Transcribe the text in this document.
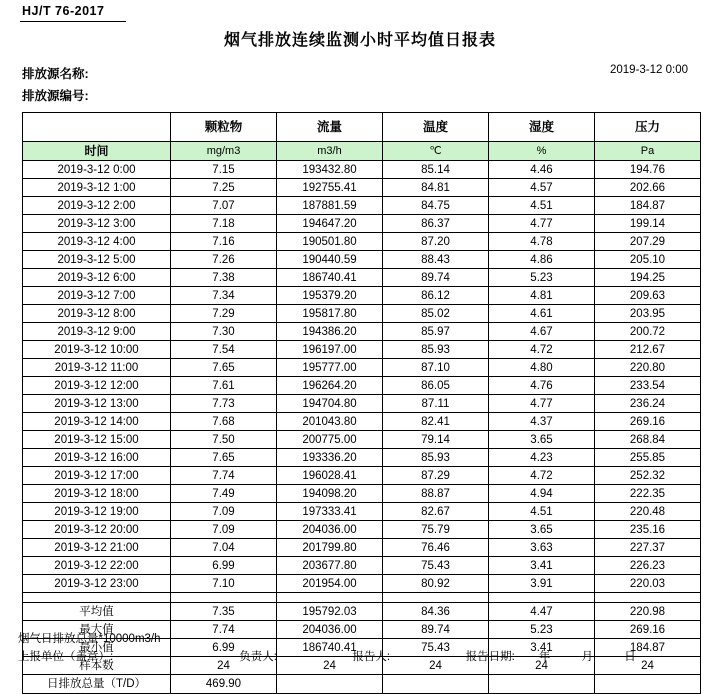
HJ/T 76-2017
烟气排放连续监测小时平均值日报表
排放源名称:
排放源编号:
2019-3-12 0:00
	颗粒物	流量	温度	湿度	压力
时间	mg/m3	m3/h	℃	%	Pa
2019-3-12 0:00	7.15	193432.80	85.14	4.46	194.76
2019-3-12 1:00	7.25	192755.41	84.81	4.57	202.66
2019-3-12 2:00	7.07	187881.59	84.75	4.51	184.87
2019-3-12 3:00	7.18	194647.20	86.37	4.77	199.14
2019-3-12 4:00	7.16	190501.80	87.20	4.78	207.29
2019-3-12 5:00	7.26	190440.59	88.43	4.86	205.10
2019-3-12 6:00	7.38	186740.41	89.74	5.23	194.25
2019-3-12 7:00	7.34	195379.20	86.12	4.81	209.63
2019-3-12 8:00	7.29	195817.80	85.02	4.61	203.95
2019-3-12 9:00	7.30	194386.20	85.97	4.67	200.72
2019-3-12 10:00	7.54	196197.00	85.93	4.72	212.67
2019-3-12 11:00	7.65	195777.00	87.10	4.80	220.80
2019-3-12 12:00	7.61	196264.20	86.05	4.76	233.54
2019-3-12 13:00	7.73	194704.80	87.11	4.77	236.24
2019-3-12 14:00	7.68	201043.80	82.41	4.37	269.16
2019-3-12 15:00	7.50	200775.00	79.14	3.65	268.84
2019-3-12 16:00	7.65	193336.20	85.93	4.23	255.85
2019-3-12 17:00	7.74	196028.41	87.29	4.72	252.32
2019-3-12 18:00	7.49	194098.20	88.87	4.94	222.35
2019-3-12 19:00	7.09	197333.41	82.67	4.51	220.48
2019-3-12 20:00	7.09	204036.00	75.79	3.65	235.16
2019-3-12 21:00	7.04	201799.80	76.46	3.63	227.37
2019-3-12 22:00	6.99	203677.80	75.43	3.41	226.23
2019-3-12 23:00	7.10	201954.00	80.92	3.91	220.03

平均值	7.35	195792.03	84.36	4.47	220.98
最大值	7.74	204036.00	89.74	5.23	269.16
最小值	6.99	186740.41	75.43	3.41	184.87
样本数	24	24	24	24	24
日排放总量（T/D）	469.90				
烟气日排放总量*10000m3/h
上报单位（盖章）:	负责人:	报告人:	报告日期: 年 月 日
